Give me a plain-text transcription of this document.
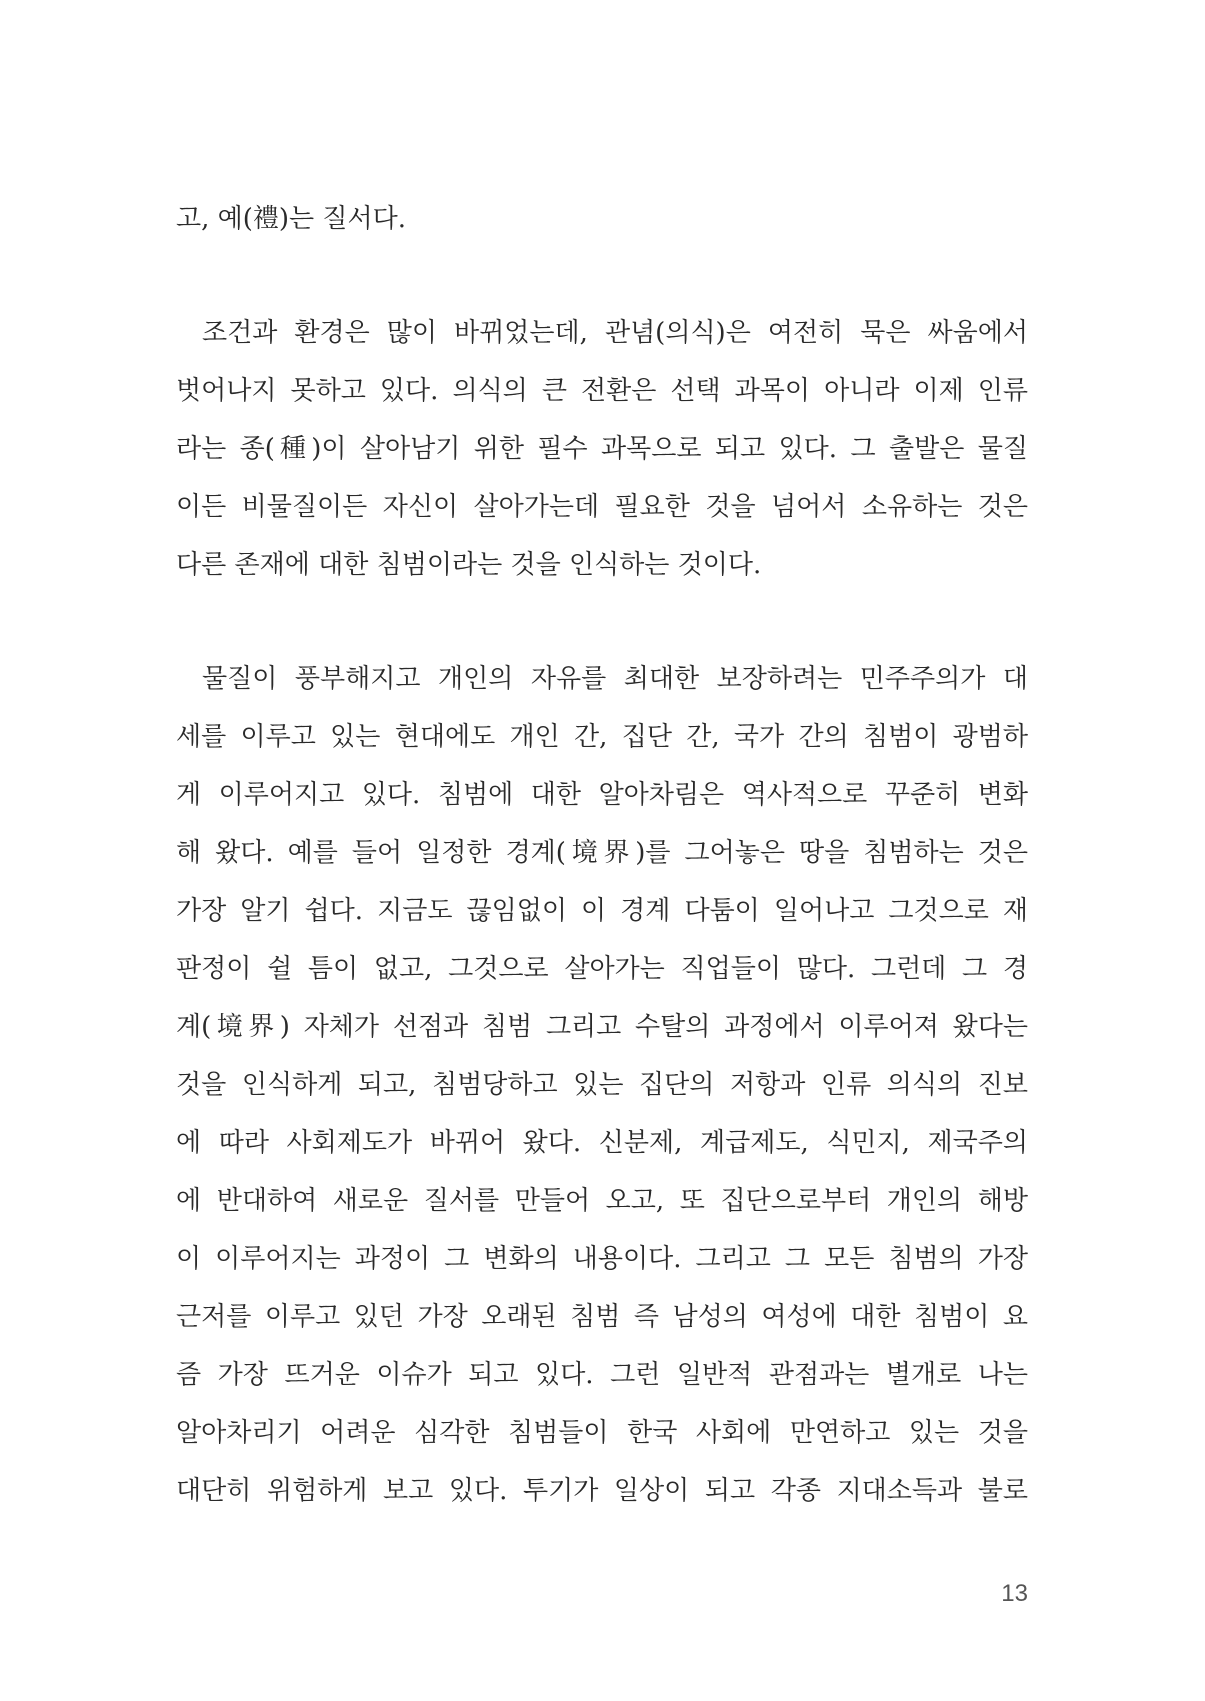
고, 예(禮)는 질서다.
조건과 환경은 많이 바뀌었는데, 관념(의식)은 여전히 묵은 싸움에서
벗어나지 못하고 있다. 의식의 큰 전환은 선택 과목이 아니라 이제 인류
라는 종(種)이 살아남기 위한 필수 과목으로 되고 있다. 그 출발은 물질
이든 비물질이든 자신이 살아가는데 필요한 것을 넘어서 소유하는 것은
다른 존재에 대한 침범이라는 것을 인식하는 것이다.
물질이 풍부해지고 개인의 자유를 최대한 보장하려는 민주주의가 대
세를 이루고 있는 현대에도 개인 간, 집단 간, 국가 간의 침범이 광범하
게 이루어지고 있다. 침범에 대한 알아차림은 역사적으로 꾸준히 변화
해 왔다. 예를 들어 일정한 경계(境界)를 그어놓은 땅을 침범하는 것은
가장 알기 쉽다. 지금도 끊임없이 이 경계 다툼이 일어나고 그것으로 재
판정이 쉴 틈이 없고, 그것으로 살아가는 직업들이 많다. 그런데 그 경
계(境界) 자체가 선점과 침범 그리고 수탈의 과정에서 이루어져 왔다는
것을 인식하게 되고, 침범당하고 있는 집단의 저항과 인류 의식의 진보
에 따라 사회제도가 바뀌어 왔다. 신분제, 계급제도, 식민지, 제국주의
에 반대하여 새로운 질서를 만들어 오고, 또 집단으로부터 개인의 해방
이 이루어지는 과정이 그 변화의 내용이다. 그리고 그 모든 침범의 가장
근저를 이루고 있던 가장 오래된 침범 즉 남성의 여성에 대한 침범이 요
즘 가장 뜨거운 이슈가 되고 있다. 그런 일반적 관점과는 별개로 나는
알아차리기 어려운 심각한 침범들이 한국 사회에 만연하고 있는 것을
대단히 위험하게 보고 있다. 투기가 일상이 되고 각종 지대소득과 불로
13
